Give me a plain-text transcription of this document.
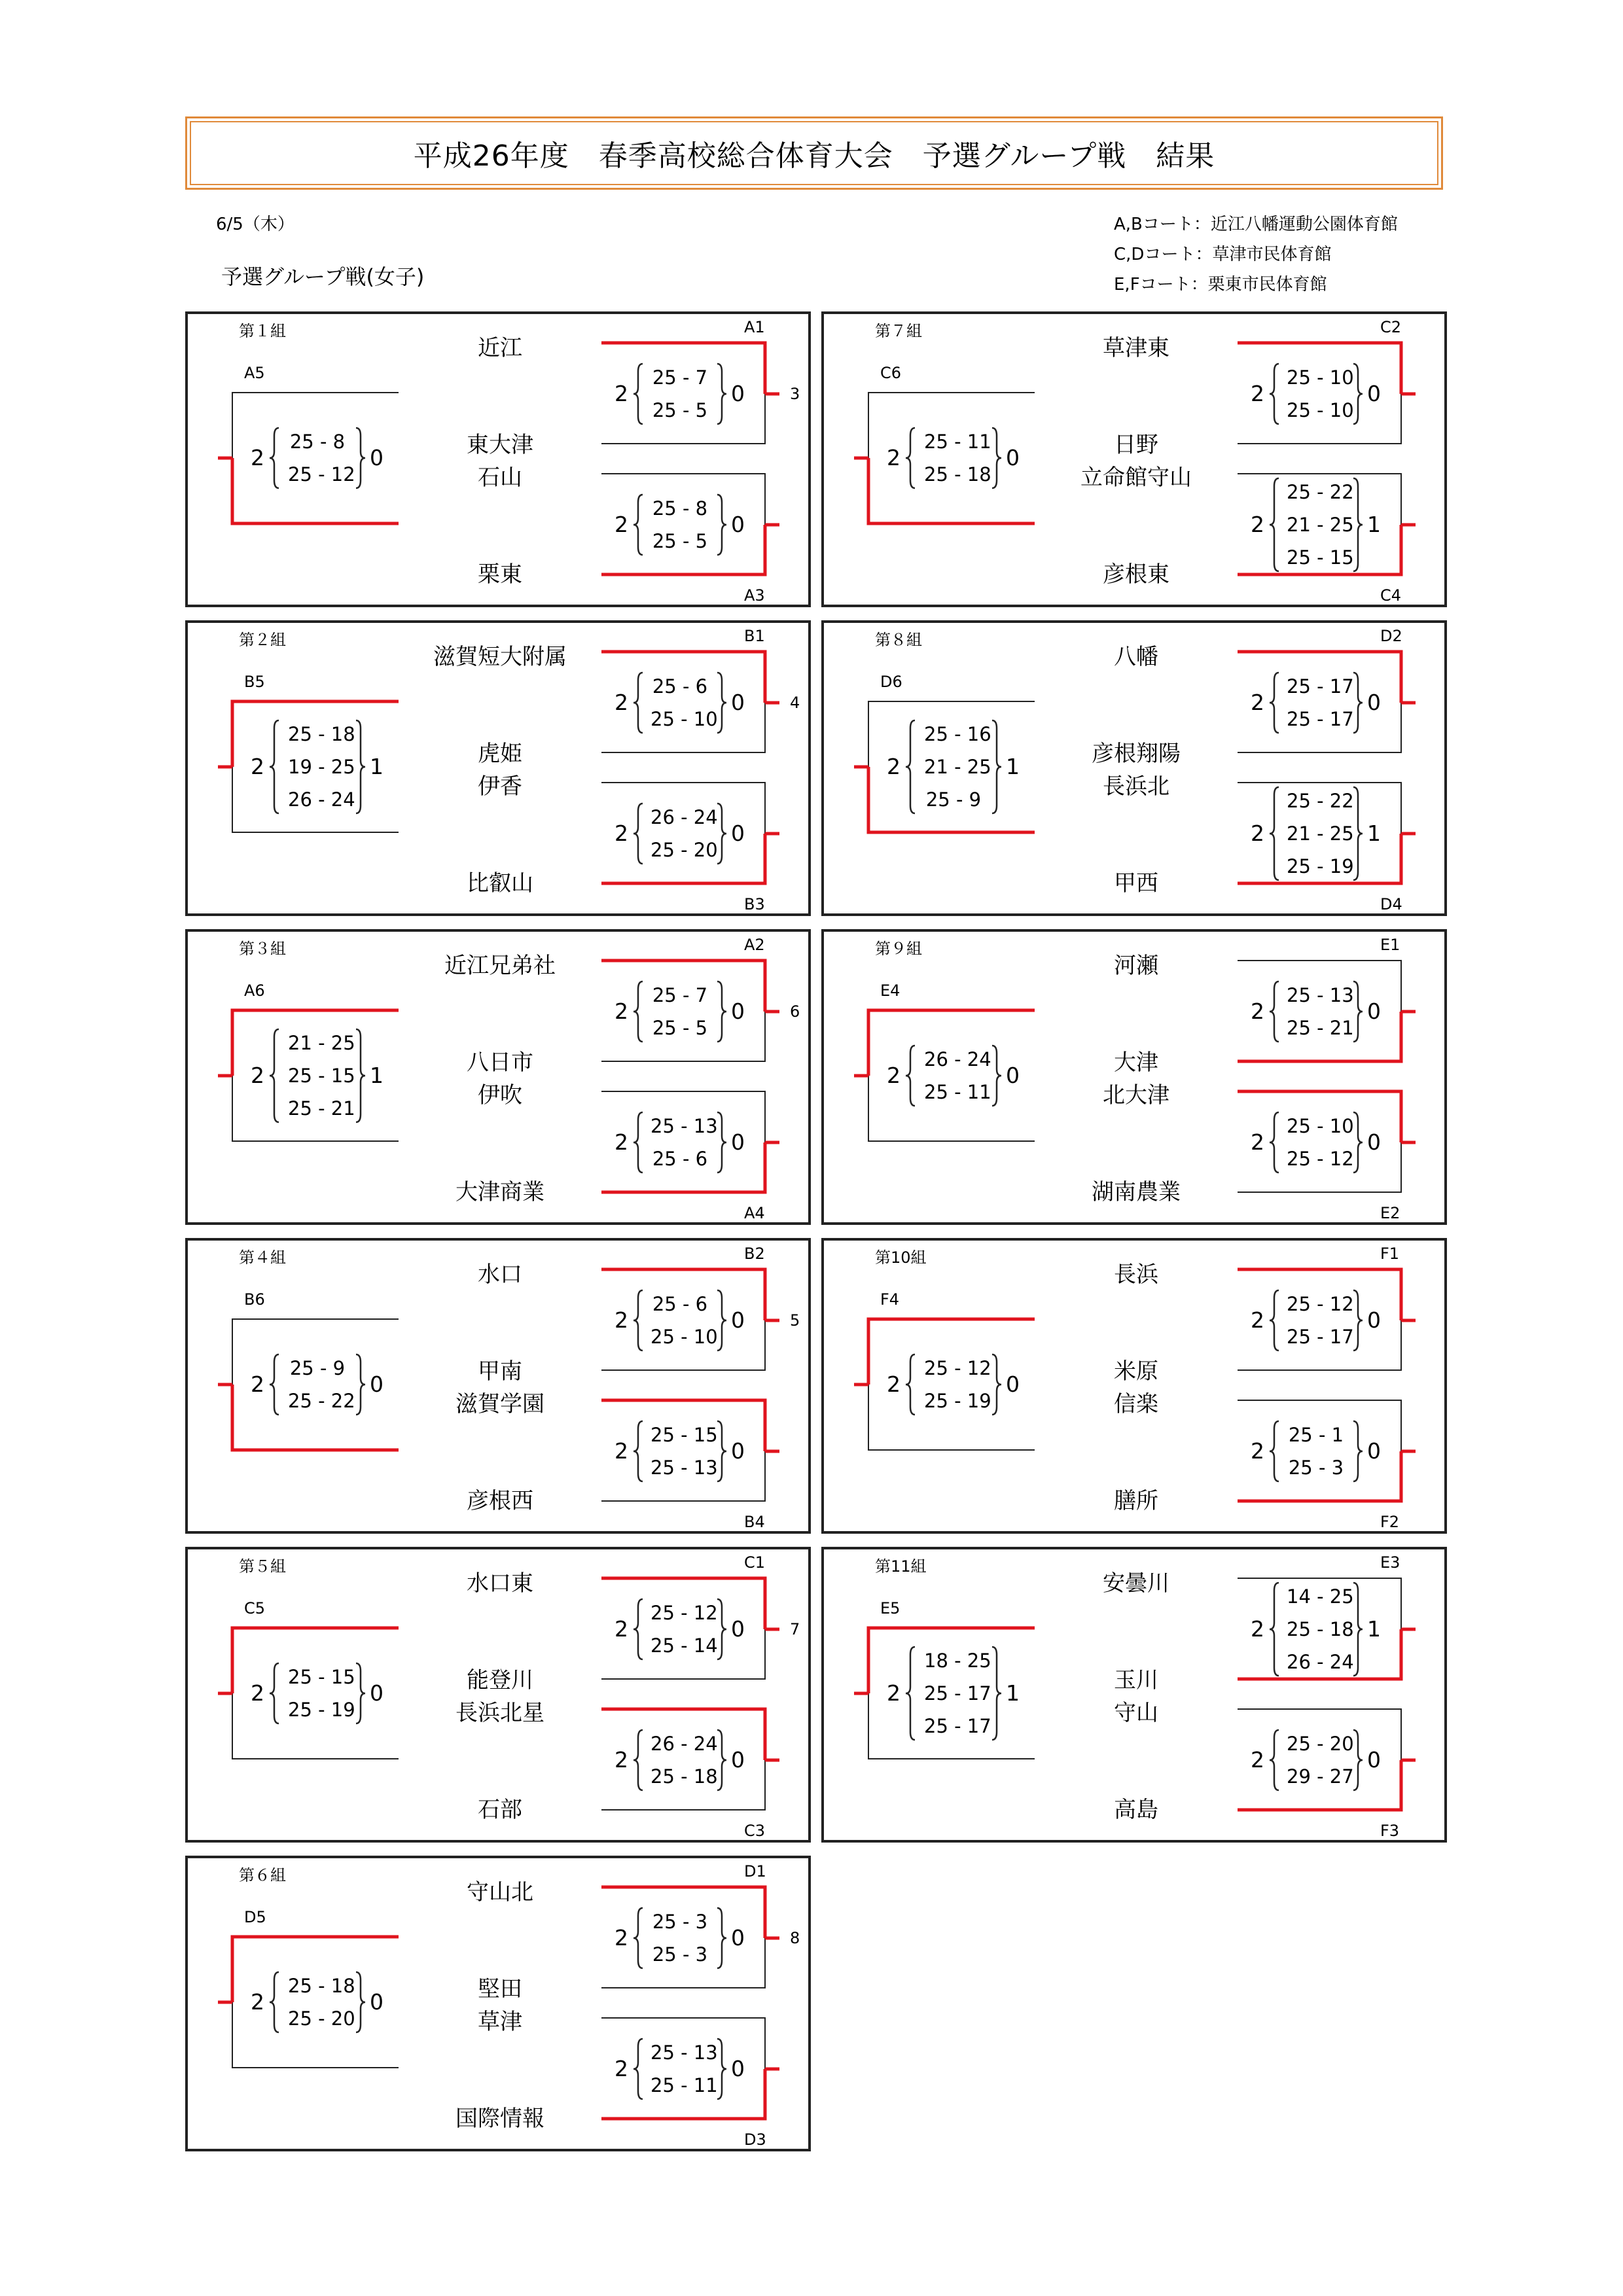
平成26年度　春季高校総合体育大会　予選グループ戦　結果
6/5（木）
予選グループ戦(女子)
A,Bコート：近江八幡運動公園体育館
C,Dコート：草津市民体育館
E,Fコート：栗東市民体育館
第１組	A1
A3
A5
3
近江
東大津
石山
栗東
25 - 7
25 - 5
2	0
25 - 8
25 - 5
2	0
25 - 8
25 - 12
2	0
第２組	B1
B3
B5
4
滋賀短大附属
虎姫
伊香
比叡山
25 - 6
25 - 10
2	0
26 - 24
25 - 20
2	0
25 - 18
19 - 25
26 - 24
2	1
第３組	A2
A4
A6
6
近江兄弟社
八日市
伊吹
大津商業
25 - 7
25 - 5
2	0
25 - 13
25 - 6
2	0
21 - 25
25 - 15
25 - 21
2	1
第４組	B2
B4
B6
5
水口
甲南
滋賀学園
彦根西
25 - 6
25 - 10
2	0
25 - 15
25 - 13
2	0
25 - 9
25 - 22
2	0
第５組	C1
C3
C5
7
水口東
能登川
長浜北星
石部
25 - 12
25 - 14
2	0
26 - 24
25 - 18
2	0
25 - 15
25 - 19
2	0
第６組	D1
D3
D5
8
守山北
堅田
草津
国際情報
25 - 3
25 - 3
2	0
25 - 13
25 - 11
2	0
25 - 18
25 - 20
2	0
第７組	C2
C4
C6
草津東
日野
立命館守山
彦根東
25 - 10
25 - 10
2	0
25 - 22
21 - 25
25 - 15
2	1
25 - 11
25 - 18
2	0
第８組	D2
D4
D6
八幡
彦根翔陽
長浜北
甲西
25 - 17
25 - 17
2	0
25 - 22
21 - 25
25 - 19
2	1
25 - 16
21 - 25
25 - 9
2	1
第９組	E1
E2
E4
河瀬
大津
北大津
湖南農業
25 - 13
25 - 21
2	0
25 - 10
25 - 12
2	0
26 - 24
25 - 11
2	0
第10組	F1
F2
F4
長浜
米原
信楽
膳所
25 - 12
25 - 17
2	0
25 - 1
25 - 3
2	0
25 - 12
25 - 19
2	0
第11組	E3
F3
E5
安曇川
玉川
守山
高島
14 - 25
25 - 18
26 - 24
2	1
25 - 20
29 - 27
2	0
18 - 25
25 - 17
25 - 17
2	1
